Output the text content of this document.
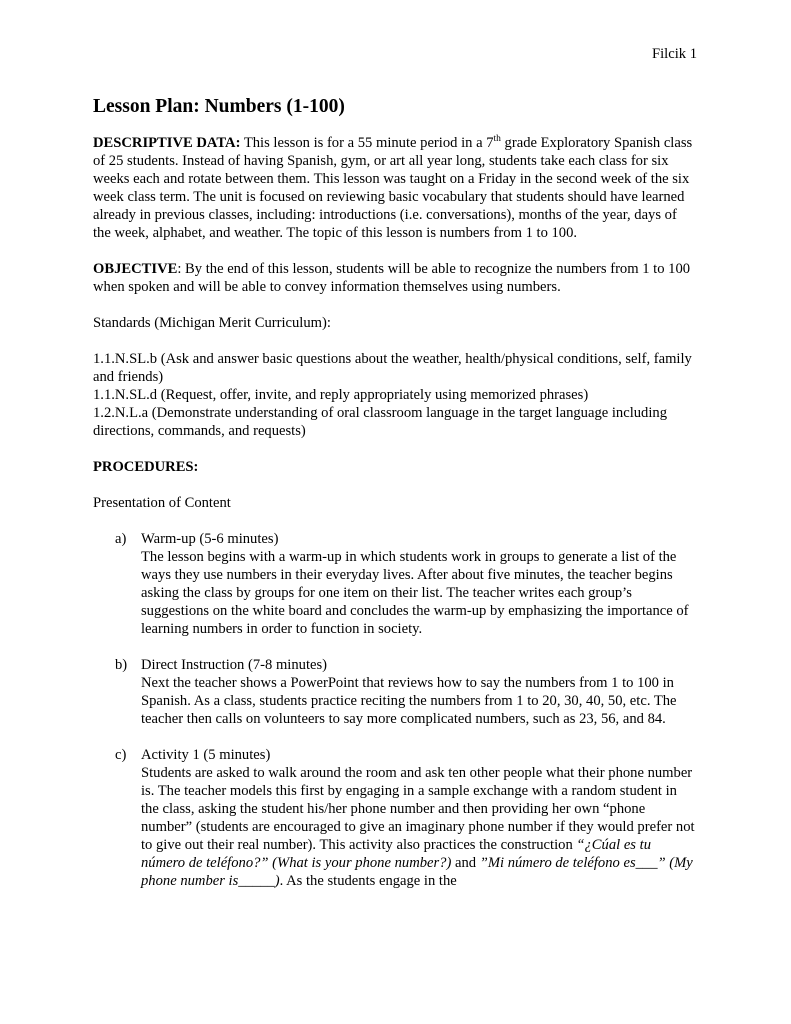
Filcik 1
Lesson Plan: Numbers (1-100)

DESCRIPTIVE DATA: This lesson is for a 55 minute period in a 7th grade Exploratory Spanish class of 25 students. Instead of having Spanish, gym, or art all year long, students take each class for six weeks each and rotate between them. This lesson was taught on a Friday in the second week of the six week class term. The unit is focused on reviewing basic vocabulary that students should have learned already in previous classes, including: introductions (i.e. conversations), months of the year, days of the week, alphabet, and weather. The topic of this lesson is numbers from 1 to 100.

OBJECTIVE: By the end of this lesson, students will be able to recognize the numbers from 1 to 100 when spoken and will be able to convey information themselves using numbers.

Standards (Michigan Merit Curriculum):

1.1.N.SL.b (Ask and answer basic questions about the weather, health/physical conditions, self, family and friends)

1.1.N.SL.d (Request, offer, invite, and reply appropriately using memorized phrases)

1.2.N.L.a (Demonstrate understanding of oral classroom language in the target language including directions, commands, and requests)

PROCEDURES:

Presentation of Content

a)	Warm-up (5-6 minutes)

The lesson begins with a warm-up in which students work in groups to generate a list of the ways they use numbers in their everyday lives. After about five minutes, the teacher begins asking the class by groups for one item on their list. The teacher writes each group’s suggestions on the white board and concludes the warm-up by emphasizing the importance of learning numbers in order to function in society.

b) Direct Instruction (7-8 minutes)

Next the teacher shows a PowerPoint that reviews how to say the numbers from 1 to 100 in Spanish. As a class, students practice reciting the numbers from 1 to 20, 30, 40, 50, etc. The teacher then calls on volunteers to say more complicated numbers, such as 23, 56, and 84.

c)	Activity 1 (5 minutes)

Students are asked to walk around the room and ask ten other people what their phone number is. The teacher models this first by engaging in a sample exchange with a random student in the class, asking the student his/her phone number and then providing her own “phone number” (students are encouraged to give an imaginary phone number if they would prefer not to give out their real number). This activity also practices the construction “¿Cúal es tu número de teléfono?” (What is your phone number?) and ”Mi número de teléfono es___” (My phone number is_____). As the students engage in the
